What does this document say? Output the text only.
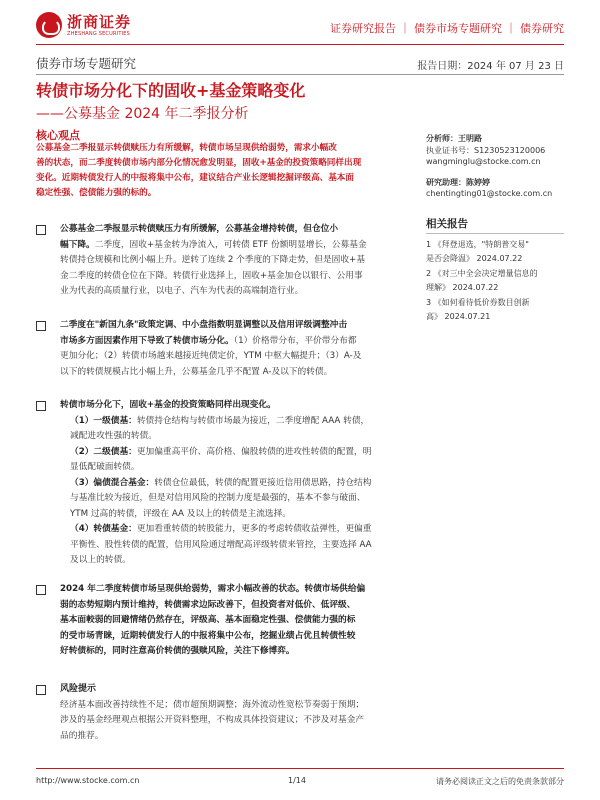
浙商证券
ZHESHANG SECURITIES	证券研究报告 ｜ 债券市场专题研究 ｜ 债券研究
债券市场专题研究	报告日期：2024 年 07 月 23 日
转债市场分化下的固收+基金策略变化
——公募基金 2024 年二季报分析
核心观点
公募基金二季报显示转债赎压力有所缓解，转债市场呈现供给弱势，需求小幅改
善的状态，而二季度转债市场内部分化情况愈发明显，固收+基金的投资策略同样出现
变化。近期转债发行人的中报将集中公布，建议结合产业长逻辑挖掘评级高、基本面
稳定性强、偿债能力强的标的。
分析师：王明路
执业证书号：S1230523120006
wangminglu@stocke.com.cn
研究助理：陈婷婷
chentingting01@stocke.com.cn
相关报告
1 《拜登退选，"特朗普交易"
是否会降温》 2024.07.22
2 《对三中全会决定增量信息的
理解》 2024.07.22
3 《如何看待低价券数目创新
高》 2024.07.21
公募基金二季报显示转债赎压力有所缓解，公募基金增持转债，但仓位小
幅下降。二季度，固收+基金转为净流入，可转债 ETF 份额明显增长，公募基金
转债持仓规模和比例小幅上升。逆转了连续 2 个季度的下降走势，但是固收+基
金二季度的转债仓位在下降。转债行业选择上，固收+基金加仓以银行、公用事
业为代表的高质量行业，以电子、汽车为代表的高端制造行业。
二季度在"新国九条"政策定调、中小盘指数明显调整以及信用评级调整冲击
市场多方面因素作用下导致了转债市场分化。（1）价格带分布，平价带分布都
更加分化；（2）转债市场越来越接近纯债定价，YTM 中枢大幅提升；（3）A-及
以下的转债规模占比小幅上升，公募基金几乎不配置 A-及以下的转债。
转债市场分化下，固收+基金的投资策略同样出现变化。
（1）一级债基：转债持仓结构与转债市场最为接近，二季度增配 AAA 转债，
减配进攻性强的转债。
（2）二级债基：更加偏重高平价、高价格、偏股转债的进攻性转债的配置，明
显低配破面转债。
（3）偏债混合基金：转债仓位最低，转债的配置更接近信用债思路，持仓结构
与基准比较为接近，但是对信用风险的控制力度是最强的，基本不参与破面、
YTM 过高的转债，评级在 AA 及以上的转债是主流选择。
（4）转债基金：更加看重转债的转股能力，更多的考虑转债收益弹性，更偏重
平衡性、股性转债的配置，信用风险通过增配高评级转债来管控，主要选择 AA
及以上的转债。
2024 年二季度转债市场呈现供给弱势，需求小幅改善的状态。转债市场供给偏
弱的态势短期内预计维持，转债需求边际改善下，但投资者对低价、低评级、
基本面較弱的回避情绪仍然存在，评级高、基本面稳定性强、偿债能力强的标
的受市场青睐，近期转债发行人的中报将集中公布，挖掘业绩占优且转债性较
好转债标的，同时注意高价转债的强赎风险，关注下修博弈。
风险提示
经济基本面改善持续性不足；债市超预期调整；海外流动性宽松节奏弱于预期；
涉及的基金经理观点根据公开资料整理，不构成具体投资建议；不涉及对基金产
品的推荐。
http://www.stocke.com.cn	1/14	请务必阅读正文之后的免责条款部分
